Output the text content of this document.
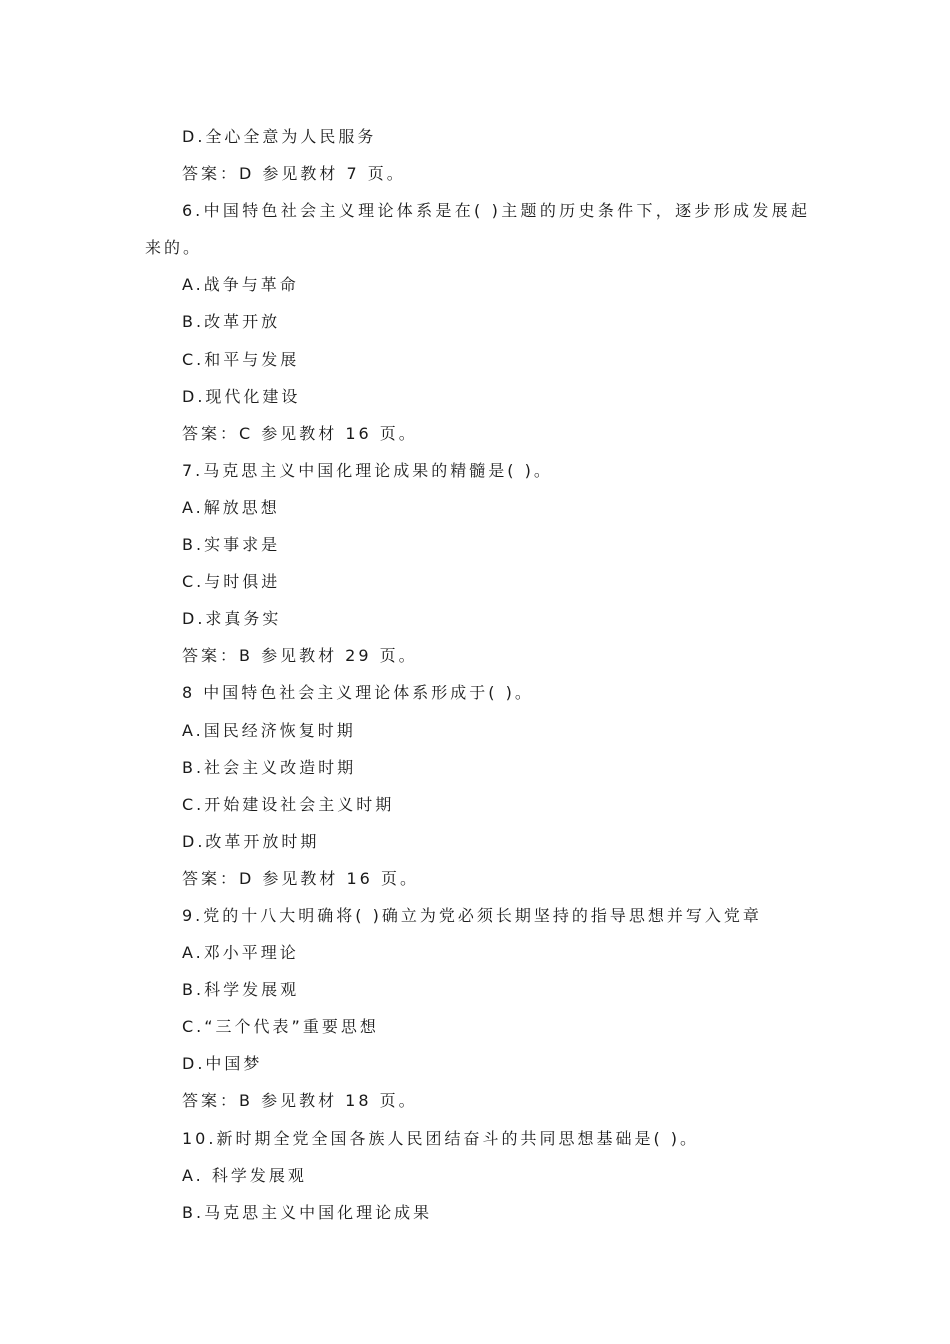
D.全心全意为人民服务
答案：D 参见教材 7 页。
6.中国特色社会主义理论体系是在( )主题的历史条件下，逐步形成发展起来的。
A.战争与革命
B.改革开放
C.和平与发展
D.现代化建设
答案：C 参见教材 16 页。
7.马克思主义中国化理论成果的精髓是( )。
A.解放思想
B.实事求是
C.与时俱进
D.求真务实
答案：B 参见教材 29 页。
8 中国特色社会主义理论体系形成于( )。
A.国民经济恢复时期
B.社会主义改造时期
C.开始建设社会主义时期
D.改革开放时期
答案：D 参见教材 16 页。
9.党的十八大明确将( )确立为党必须长期坚持的指导思想并写入党章
A.邓小平理论
B.科学发展观
C.“三个代表”重要思想
D.中国梦
答案：B 参见教材 18 页。
10.新时期全党全国各族人民团结奋斗的共同思想基础是( )。
A. 科学发展观
B.马克思主义中国化理论成果
